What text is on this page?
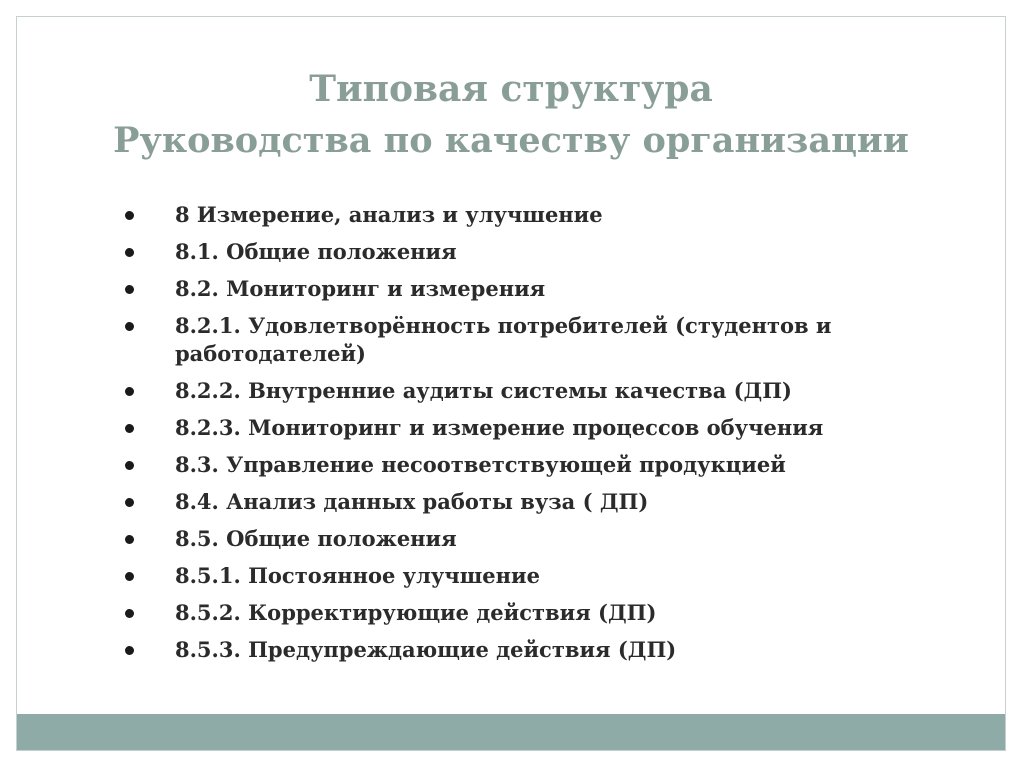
Типовая структура
Руководства по качеству организации
8 Измерение, анализ и улучшение
8.1. Общие положения
8.2. Мониторинг и измерения
8.2.1. Удовлетворённость потребителей (студентов и работодателей)
8.2.2. Внутренние аудиты системы качества (ДП)
8.2.3. Мониторинг и измерение процессов обучения
8.3. Управление несоответствующей продукцией
8.4. Анализ данных работы вуза ( ДП)
8.5. Общие положения
8.5.1. Постоянное улучшение
8.5.2. Корректирующие действия (ДП)
8.5.3. Предупреждающие действия (ДП)
